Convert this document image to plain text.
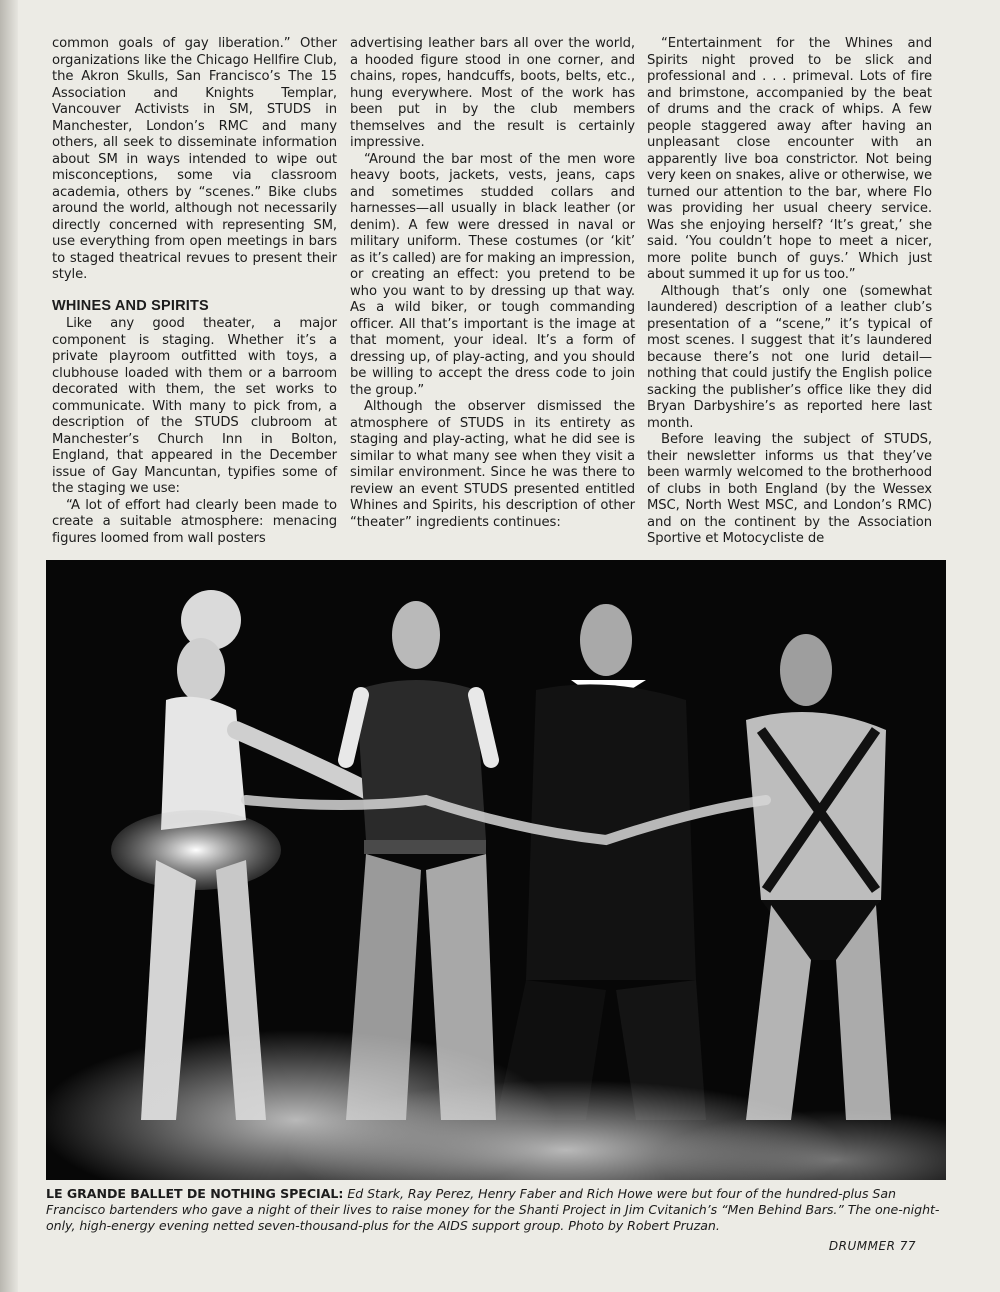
common goals of gay liberation.” Other organizations like the Chicago Hellfire Club, the Akron Skulls, San Francisco’s The 15 Association and Knights Templar, Vancouver Activists in SM, STUDS in Manchester, London’s RMC and many others, all seek to disseminate information about SM in ways intended to wipe out misconceptions, some via classroom academia, others by “scenes.” Bike clubs around the world, although not necessarily directly concerned with representing SM, use everything from open meetings in bars to staged theatrical revues to present their style.

WHINES AND SPIRITS

Like any good theater, a major component is staging. Whether it’s a private playroom outfitted with toys, a clubhouse loaded with them or a barroom decorated with them, the set works to communicate. With many to pick from, a description of the STUDS clubroom at Manchester’s Church Inn in Bolton, England, that appeared in the December issue of Gay Mancuntan, typifies some of the staging we use:

“A lot of effort had clearly been made to create a suitable atmosphere: menacing figures loomed from wall posters

advertising leather bars all over the world, a hooded figure stood in one corner, and chains, ropes, handcuffs, boots, belts, etc., hung everywhere. Most of the work has been put in by the club members themselves and the result is certainly impressive.

“Around the bar most of the men wore heavy boots, jackets, vests, jeans, caps and sometimes studded collars and harnesses—all usually in black leather (or denim). A few were dressed in naval or military uniform. These costumes (or ‘kit’ as it’s called) are for making an impression, or creating an effect: you pretend to be who you want to by dressing up that way. As a wild biker, or tough commanding officer. All that’s important is the image at that moment, your ideal. It’s a form of dressing up, of play-acting, and you should be willing to accept the dress code to join the group.”

Although the observer dismissed the atmosphere of STUDS in its entirety as staging and play-acting, what he did see is similar to what many see when they visit a similar environment. Since he was there to review an event STUDS presented entitled Whines and Spirits, his description of other “theater” ingredients continues:

“Entertainment for the Whines and Spirits night proved to be slick and professional and . . . primeval. Lots of fire and brimstone, accompanied by the beat of drums and the crack of whips. A few people staggered away after having an unpleasant close encounter with an apparently live boa constrictor. Not being very keen on snakes, alive or otherwise, we turned our attention to the bar, where Flo was providing her usual cheery service. Was she enjoying herself? ‘It’s great,’ she said. ‘You couldn’t hope to meet a nicer, more polite bunch of guys.’ Which just about summed it up for us too.”

Although that’s only one (somewhat laundered) description of a leather club’s presentation of a “scene,” it’s typical of most scenes. I suggest that it’s laundered because there’s not one lurid detail—nothing that could justify the English police sacking the publisher’s office like they did Bryan Darbyshire’s as reported here last month.

Before leaving the subject of STUDS, their newsletter informs us that they’ve been warmly welcomed to the brotherhood of clubs in both England (by the Wessex MSC, North West MSC, and London’s RMC) and on the continent by the Association Sportive et Motocycliste de

LE GRANDE BALLET DE NOTHING SPECIAL: Ed Stark, Ray Perez, Henry Faber and Rich Howe were but four of the hundred-plus San Francisco bartenders who gave a night of their lives to raise money for the Shanti Project in Jim Cvitanich’s “Men Behind Bars.” The one-night-only, high-energy evening netted seven-thousand-plus for the AIDS support group. Photo by Robert Pruzan.
DRUMMER 77
